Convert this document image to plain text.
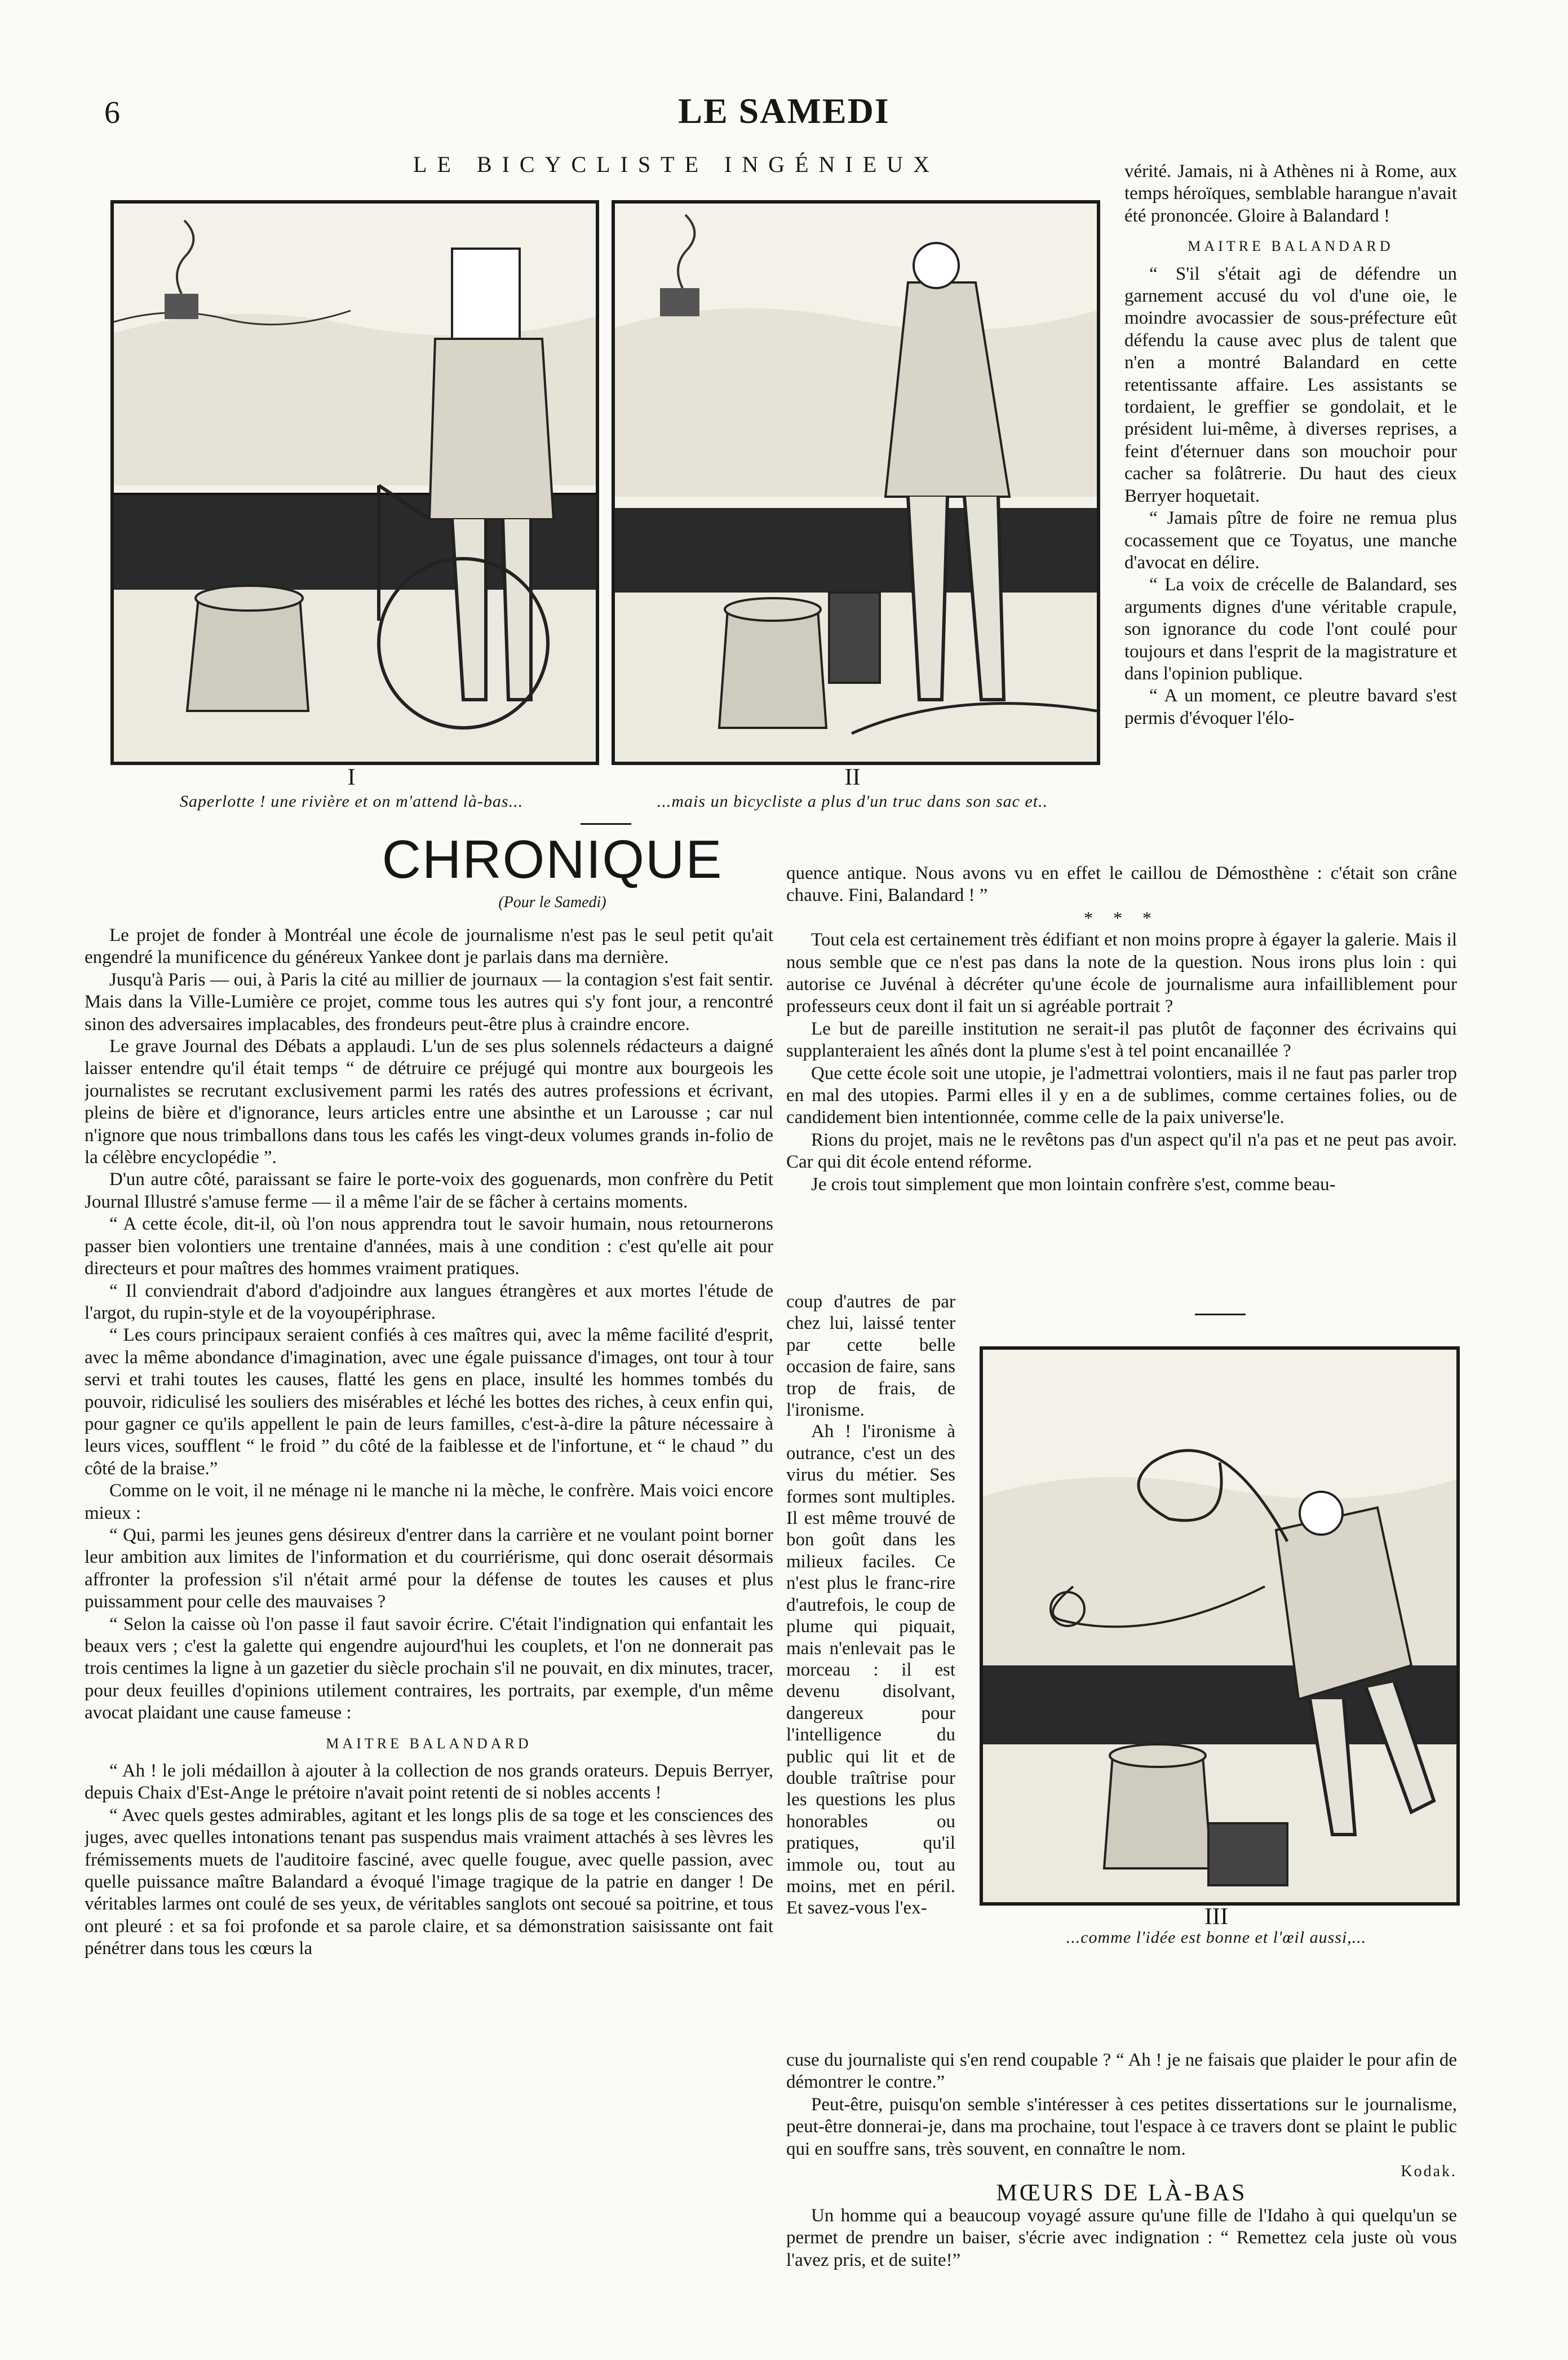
6	LE SAMEDI
LE BICYCLISTE INGÉNIEUX
I
Saperlotte ! une rivière et on m'attend là-bas...
II
...mais un bicycliste a plus d'un truc dans son sac et..

vérité. Jamais, ni à Athènes ni à Rome, aux temps héroïques, semblable harangue n'avait été prononcée. Gloire à Balandard !

MAITRE BALANDARD

“ S'il s'était agi de défendre un garnement accusé du vol d'une oie, le moindre avocassier de sous-préfecture eût défendu la cause avec plus de talent que n'en a montré Balandard en cette retentissante affaire. Les assistants se tordaient, le greffier se gondolait, et le président lui-même, à diverses reprises, a feint d'éternuer dans son mouchoir pour cacher sa folâtrerie. Du haut des cieux Berryer hoquetait.

“ Jamais pître de foire ne remua plus cocassement que ce Toyatus, une manche d'avocat en délire.

“ La voix de crécelle de Balandard, ses arguments dignes d'une véritable crapule, son ignorance du code l'ont coulé pour toujours et dans l'esprit de la magistrature et dans l'opinion publique.

“ A un moment, ce pleutre bavard s'est permis d'évoquer l'élo-

CHRONIQUE
(Pour le Samedi)

Le projet de fonder à Montréal une école de journalisme n'est pas le seul petit qu'ait engendré la munificence du généreux Yankee dont je parlais dans ma dernière.

Jusqu'à Paris — oui, à Paris la cité au millier de journaux — la contagion s'est fait sentir. Mais dans la Ville-Lumière ce projet, comme tous les autres qui s'y font jour, a rencontré sinon des adversaires implacables, des frondeurs peut-être plus à craindre encore.

Le grave Journal des Débats a applaudi. L'un de ses plus solennels rédacteurs a daigné laisser entendre qu'il était temps “ de détruire ce préjugé qui montre aux bourgeois les journalistes se recrutant exclusivement parmi les ratés des autres professions et écrivant, pleins de bière et d'ignorance, leurs articles entre une absinthe et un Larousse ; car nul n'ignore que nous trimballons dans tous les cafés les vingt-deux volumes grands in-folio de la célèbre encyclopédie ”.

D'un autre côté, paraissant se faire le porte-voix des goguenards, mon confrère du Petit Journal Illustré s'amuse ferme — il a même l'air de se fâcher à certains moments.

“ A cette école, dit-il, où l'on nous apprendra tout le savoir humain, nous retournerons passer bien volontiers une trentaine d'années, mais à une condition : c'est qu'elle ait pour directeurs et pour maîtres des hommes vraiment pratiques.

“ Il conviendrait d'abord d'adjoindre aux langues étrangères et aux mortes l'étude de l'argot, du rupin-style et de la voyoupériphrase.

“ Les cours principaux seraient confiés à ces maîtres qui, avec la même facilité d'esprit, avec la même abondance d'imagination, avec une égale puissance d'images, ont tour à tour servi et trahi toutes les causes, flatté les gens en place, insulté les hommes tombés du pouvoir, ridiculisé les souliers des misérables et léché les bottes des riches, à ceux enfin qui, pour gagner ce qu'ils appellent le pain de leurs familles, c'est-à-dire la pâture nécessaire à leurs vices, soufflent “ le froid ” du côté de la faiblesse et de l'infortune, et “ le chaud ” du côté de la braise.”

Comme on le voit, il ne ménage ni le manche ni la mèche, le confrère. Mais voici encore mieux :

“ Qui, parmi les jeunes gens désireux d'entrer dans la carrière et ne voulant point borner leur ambition aux limites de l'information et du courriérisme, qui donc oserait désormais affronter la profession s'il n'était armé pour la défense de toutes les causes et plus puissamment pour celle des mauvaises ?

“ Selon la caisse où l'on passe il faut savoir écrire. C'était l'indignation qui enfantait les beaux vers ; c'est la galette qui engendre aujourd'hui les couplets, et l'on ne donnerait pas trois centimes la ligne à un gazetier du siècle prochain s'il ne pouvait, en dix minutes, tracer, pour deux feuilles d'opinions utilement contraires, les portraits, par exemple, d'un même avocat plaidant une cause fameuse :

MAITRE BALANDARD

“ Ah ! le joli médaillon à ajouter à la collection de nos grands orateurs. Depuis Berryer, depuis Chaix d'Est-Ange le prétoire n'avait point retenti de si nobles accents !

“ Avec quels gestes admirables, agitant et les longs plis de sa toge et les consciences des juges, avec quelles intonations tenant pas suspendus mais vraiment attachés à ses lèvres les frémissements muets de l'auditoire fasciné, avec quelle fougue, avec quelle passion, avec quelle puissance maître Balandard a évoqué l'image tragique de la patrie en danger ! De véritables larmes ont coulé de ses yeux, de véritables sanglots ont secoué sa poitrine, et tous ont pleuré : et sa foi profonde et sa parole claire, et sa démonstration saisissante ont fait pénétrer dans tous les cœurs la

quence antique. Nous avons vu en effet le caillou de Démosthène : c'était son crâne chauve. Fini, Balandard ! ”

* * *

Tout cela est certainement très édifiant et non moins propre à égayer la galerie. Mais il nous semble que ce n'est pas dans la note de la question. Nous irons plus loin : qui autorise ce Juvénal à décréter qu'une école de journalisme aura infailliblement pour professeurs ceux dont il fait un si agréable portrait ?

Le but de pareille institution ne serait-il pas plutôt de façonner des écrivains qui supplanteraient les aînés dont la plume s'est à tel point encanaillée ?

Que cette école soit une utopie, je l'admettrai volontiers, mais il ne faut pas parler trop en mal des utopies. Parmi elles il y en a de sublimes, comme certaines folies, ou de candidement bien intentionnée, comme celle de la paix universe'le.

Rions du projet, mais ne le revêtons pas d'un aspect qu'il n'a pas et ne peut pas avoir. Car qui dit école entend réforme.

Je crois tout simplement que mon lointain confrère s'est, comme beau-

coup d'autres de par chez lui, laissé tenter par cette belle occasion de faire, sans trop de frais, de l'ironisme.

Ah ! l'ironisme à outrance, c'est un des virus du métier. Ses formes sont multiples. Il est même trouvé de bon goût dans les milieux faciles. Ce n'est plus le franc-rire d'autrefois, le coup de plume qui piquait, mais n'enlevait pas le morceau : il est devenu disolvant, dangereux pour l'intelligence du public qui lit et de double traîtrise pour les questions les plus honorables ou pratiques, qu'il immole ou, tout au moins, met en péril. Et savez-vous l'ex-	III
...comme l'idée est bonne et l'œil aussi,...

cuse du journaliste qui s'en rend coupable ? “ Ah ! je ne faisais que plaider le pour afin de démontrer le contre.”

Peut-être, puisqu'on semble s'intéresser à ces petites dissertations sur le journalisme, peut-être donnerai-je, dans ma prochaine, tout l'espace à ce travers dont se plaint le public qui en souffre sans, très souvent, en connaître le nom.

Kodak.
MŒURS DE LÀ-BAS

Un homme qui a beaucoup voyagé assure qu'une fille de l'Idaho à qui quelqu'un se permet de prendre un baiser, s'écrie avec indignation : “ Remettez cela juste où vous l'avez pris, et de suite!”
